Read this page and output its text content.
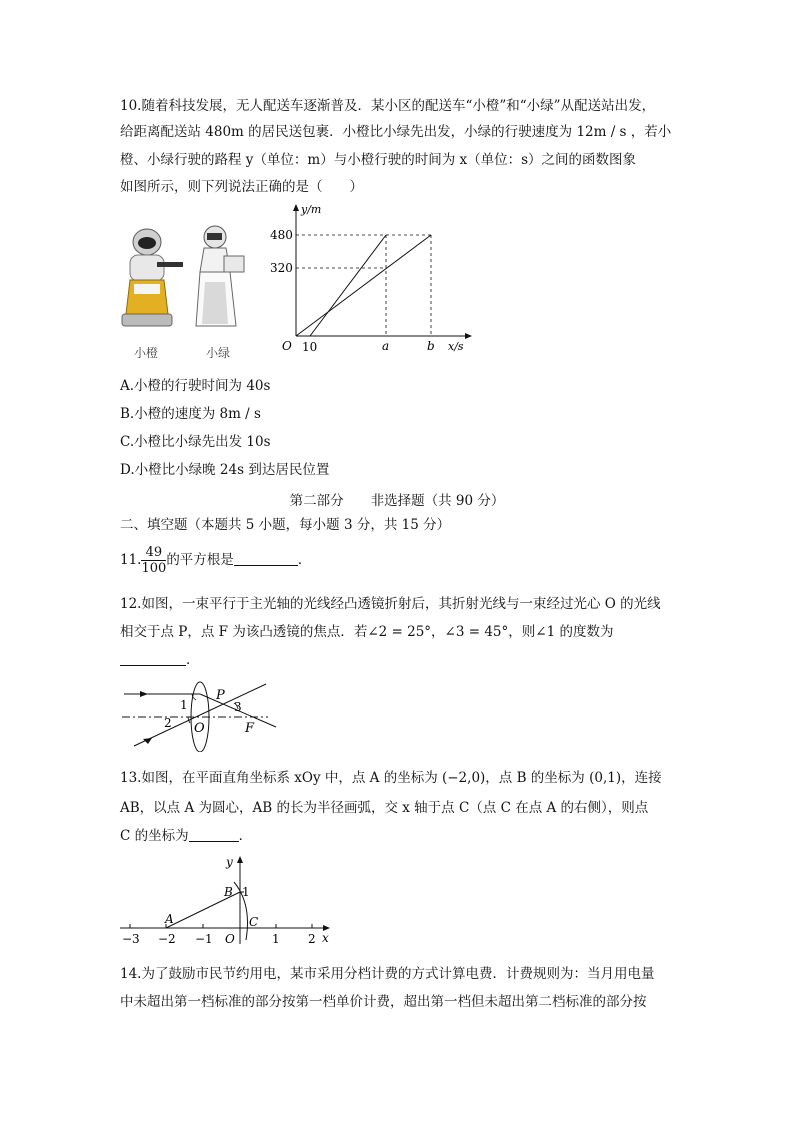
10.随着科技发展，无人配送车逐渐普及．某小区的配送车“小橙”和“小绿”从配送站出发，
给距离配送站 480m 的居民送包裹．小橙比小绿先出发，小绿的行驶速度为 12m / s ，若小
橙、小绿行驶的路程 y（单位：m）与小橙行驶的时间为 x（单位：s）之间的函数图象
如图所示，则下列说法正确的是（　　）
小橙	小绿
y/m
480
320
O 10	a	b x/s
A.小橙的行驶时间为 40s
B.小橙的速度为 8m / s
C.小橙比小绿先出发 10s
D.小橙比小绿晚 24s 到达居民位置
第二部分　　非选择题（共 90 分）
二、填空题（本题共 5 小题，每小题 3 分，共 15 分）
11. $\frac{49}{100}$ 的平方根是	．
12.如图，一束平行于主光轴的光线经凸透镜折射后，其折射光线与一束经过光心 O 的光线
相交于点 P，点 F 为该凸透镜的焦点．若∠2 = 25°，∠3 = 45°，则∠1 的度数为
．
1
2
3
P
O	F
13.如图，在平面直角坐标系 xOy 中，点 A 的坐标为 (−2,0)，点 B 的坐标为 (0,1)，连接
AB，以点 A 为圆心，AB 的长为半径画弧，交 x 轴于点 C（点 C 在点 A 的右侧），则点
C 的坐标为	．
y
x
B 1
A	C
O
−3 −2 −1	1 2
14.为了鼓励市民节约用电，某市采用分档计费的方式计算电费．计费规则为：当月用电量
中未超出第一档标准的部分按第一档单价计费，超出第一档但未超出第二档标准的部分按
